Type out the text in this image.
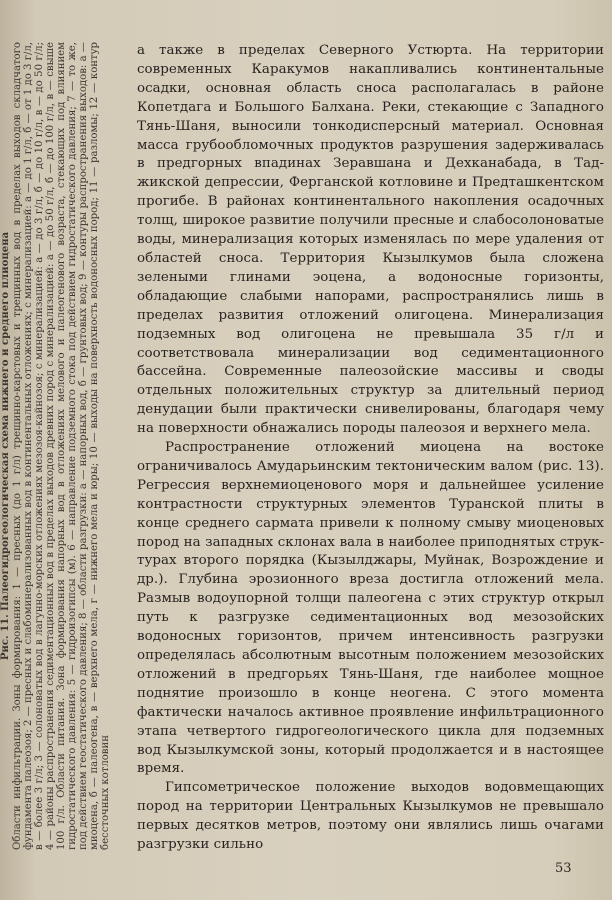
Рис. 11. Палеогидрогеологическая схема нижнего и среднего плиоцена Области инфильтрации. Зоны формирования: 1 — пресных (до 1 г/л) трещинно-карстовых и трещинных вод в пределах выходов складчатого фундамента палеозоя; 2 — пресных и слабоминерализованных вод в континентальных отложениях; с минерализацией: а — до 1 г/л, б — от 1 до 3 г/л, в — более 3 г/л; 3 — солоноватых вод в лагунно-морских отложениях мезозоя-кайнозоя; с минерализацией: а — до 3 г/л, б — до 10 г/л, в — до 50 г/л; 4 — районы распространения седиментационных вод в пределах выходов древних пород с минерализацией: а — до 50 г/л, б — до 100 г/л, в — свыше 100 г/л. Области питания. Зона формирования напорных вод в отложениях мелового и палеогенового возраста, стекающих под влиянием гидростатического давления: 5 — гидроизогипсы (м). 6 — направление подземного стока под действием гидростатического давления; 7 — то же, под действием геостатического давления; 8 — области разгрузки: а — напорных вод, б — грунтовых вод; 9 — контуры распространения выходов: а — миоцена, б — палеогена, в — верхнего мела, г — нижнего мела и юры; 10 — выходы на поверхность водоносных пород; 11 — разломы; 12 — контур бессточных котловин

а также в пределах Северного Устюрта. На территории современных Каракумов накапливались континентальные осадки, основная область сноса располагалась в районе Копетдага и Большого Балхана. Реки, стекающие с Западного Тянь-Шаня, выносили тонкодисперсный материал. Основная масса грубообломочных продуктов разрушения задерживалась в предгорных впадинах Зеравшана и Дехканабада, в Таджикской депрессии, Ферганской котловине и Предташкентском прогибе. В районах континентального накопления осадочных толщ, широкое развитие получили пресные и слабосолоноватые воды, минерализация которых изменялась по мере удаления от областей сноса. Территория Кызылкумов была сложена зелеными глинами эоцена, а водоносные горизонты, обладающие слабыми напорами, распространялись лишь в пределах развития отложений олигоцена. Минерализация подземных вод олигоцена не превышала 35 г/л и соответствовала минерализации вод седиментационного бассейна. Современные палеозойские массивы и своды отдельных положительных структур за длительный период денудации были практически снивелированы, благодаря чему на поверхности обнажались породы палеозоя и верхнего мела.

Распространение отложений миоцена на востоке ограничивалось Амударьинским тектоническим валом (рис. 13). Регрессия верхнемиоценового моря и дальнейшее усиление контрастности структурных элементов Туранской плиты в конце среднего сармата привели к полному смыву миоценовых пород на западных склонах вала в наиболее приподнятых структурах второго порядка (Кызылджары, Муйнак, Возрождение и др.). Глубина эрозионного вреза достигла отложений мела. Размыв водоупорной толщи палеогена с этих структур открыл путь к разгрузке седиментационных вод мезозойских водоносных горизонтов, причем интенсивность разгрузки определялась абсолютным высотным положением мезозойских отложений в предгорьях Тянь-Шаня, где наиболее мощное поднятие произошло в конце неогена. С этого момента фактически началось активное проявление инфильтрационного этапа четвертого гидрогеологического цикла для подземных вод Кызылкумской зоны, который продолжается и в настоящее время.

Гипсометрическое положение выходов водовмещающих пород на территории Центральных Кызылкумов не превышало первых десятков метров, поэтому они являлись лишь очагами разгрузки сильно

53
